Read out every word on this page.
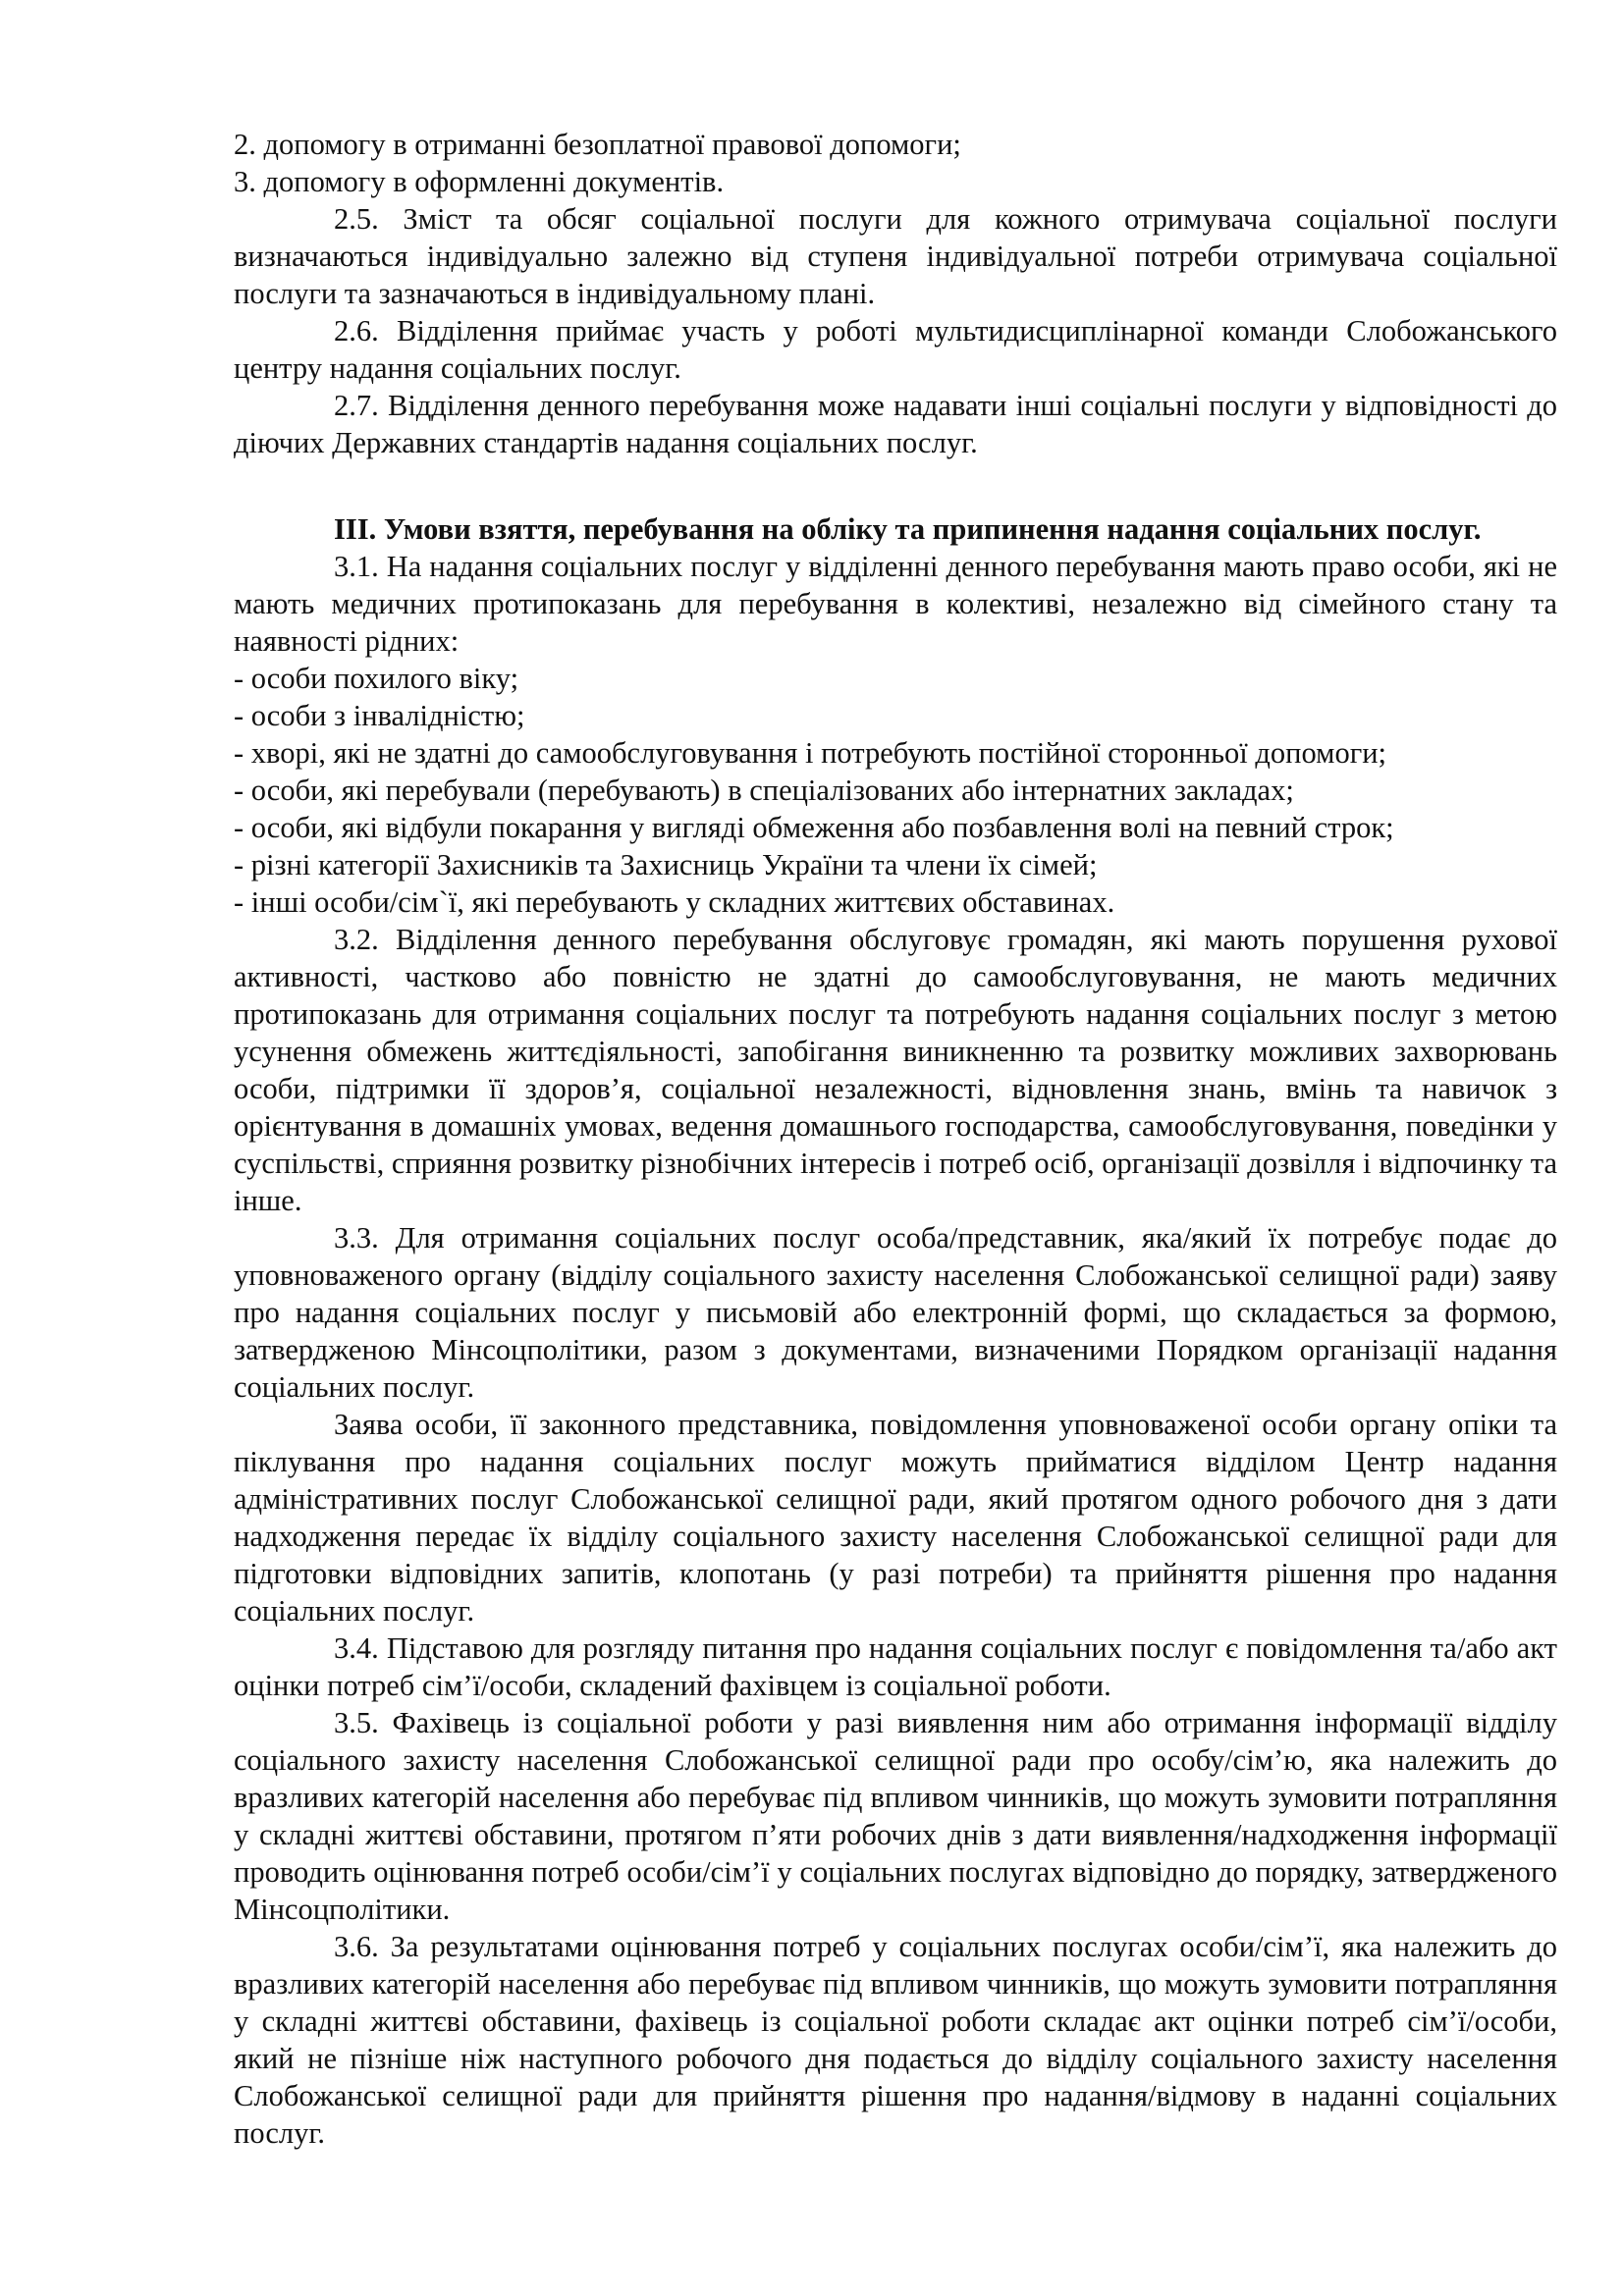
2. допомогу в отриманні безоплатної правової допомоги;

3. допомогу в оформленні документів.

2.5. Зміст та обсяг соціальної послуги для кожного отримувача соціальної послуги визначаються індивідуально залежно від ступеня індивідуальної потреби отримувача соціальної послуги та зазначаються в індивідуальному плані.

2.6. Відділення приймає участь у роботі мультидисциплінарної команди Слобожанського центру надання соціальних послуг.

2.7. Відділення денного перебування може надавати інші соціальні послуги у відповідності до діючих Державних стандартів надання соціальних послуг.

ІІІ. Умови взяття, перебування на обліку та припинення надання соціальних послуг.

3.1. На надання соціальних послуг у відділенні денного перебування мають право особи, які не мають медичних протипоказань для перебування в колективі, незалежно від сімейного стану та наявності рідних:

- особи похилого віку;

- особи з інвалідністю;

- хворі, які не здатні до самообслуговування і потребують постійної сторонньої допомоги;

- особи, які перебували (перебувають) в спеціалізованих або інтернатних закладах;

- особи, які відбули покарання у вигляді обмеження або позбавлення волі на певний строк;

- різні категорії Захисників та Захисниць України та члени їх сімей;

- інші особи/сім`ї, які перебувають у складних життєвих обставинах.

3.2. Відділення денного перебування обслуговує громадян, які мають порушення рухової активності, частково або повністю не здатні до самообслуговування, не мають медичних протипоказань для отримання соціальних послуг та потребують надання соціальних послуг з метою усунення обмежень життєдіяльності, запобігання виникненню та розвитку можливих захворювань особи, підтримки її здоров’я, соціальної незалежності, відновлення знань, вмінь та навичок з орієнтування в домашніх умовах, ведення домашнього господарства, самообслуговування, поведінки у суспільстві, сприяння розвитку різнобічних інтересів і потреб осіб, організації дозвілля і відпочинку та інше.

3.3. Для отримання соціальних послуг особа/представник, яка/який їх потребує подає до уповноваженого органу (відділу соціального захисту населення Слобожанської селищної ради) заяву про надання соціальних послуг у письмовій або електронній формі, що складається за формою, затвердженою Мінсоцполітики, разом з документами, визначеними Порядком організації надання соціальних послуг.

Заява особи, її законного представника, повідомлення уповноваженої особи органу опіки та піклування про надання соціальних послуг можуть прийматися відділом Центр надання адміністративних послуг Слобожанської селищної ради, який протягом одного робочого дня з дати надходження передає їх відділу соціального захисту населення Слобожанської селищної ради для підготовки відповідних запитів, клопотань (у разі потреби) та прийняття рішення про надання соціальних послуг.

3.4. Підставою для розгляду питання про надання соціальних послуг є повідомлення та/або акт оцінки потреб сім’ї/особи, складений фахівцем із соціальної роботи.

3.5. Фахівець із соціальної роботи у разі виявлення ним або отримання інформації відділу соціального захисту населення Слобожанської селищної ради про особу/сім’ю, яка належить до вразливих категорій населення або перебуває під впливом чинників, що можуть зумовити потрапляння у складні життєві обставини, протягом п’яти робочих днів з дати виявлення/надходження інформації проводить оцінювання потреб особи/сім’ї у соціальних послугах відповідно до порядку, затвердженого Мінсоцполітики.

3.6. За результатами оцінювання потреб у соціальних послугах особи/сім’ї, яка належить до вразливих категорій населення або перебуває під впливом чинників, що можуть зумовити потрапляння у складні життєві обставини, фахівець із соціальної роботи складає акт оцінки потреб сім’ї/особи, який не пізніше ніж наступного робочого дня подається до відділу соціального захисту населення Слобожанської селищної ради для прийняття рішення про надання/відмову в наданні соціальних послуг.
